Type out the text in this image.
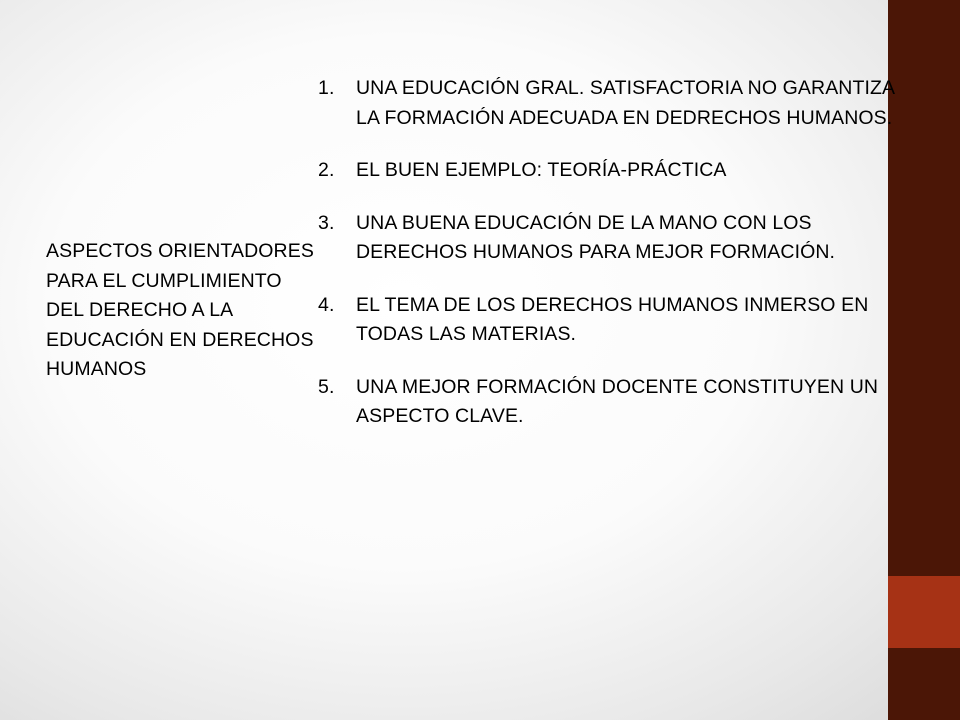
ASPECTOS ORIENTADORES PARA EL CUMPLIMIENTO DEL DERECHO A LA EDUCACIÓN EN DERECHOS HUMANOS
1. UNA EDUCACIÓN GRAL. SATISFACTORIA NO GARANTIZA LA FORMACIÓN ADECUADA EN DEDRECHOS HUMANOS.
2. EL BUEN EJEMPLO: TEORÍA-PRÁCTICA
3. UNA BUENA EDUCACIÓN DE LA MANO CON LOS DERECHOS HUMANOS PARA MEJOR FORMACIÓN.
4. EL TEMA DE LOS DERECHOS HUMANOS INMERSO EN TODAS LAS MATERIAS.
5. UNA MEJOR FORMACIÓN DOCENTE CONSTITUYEN UN ASPECTO CLAVE.
